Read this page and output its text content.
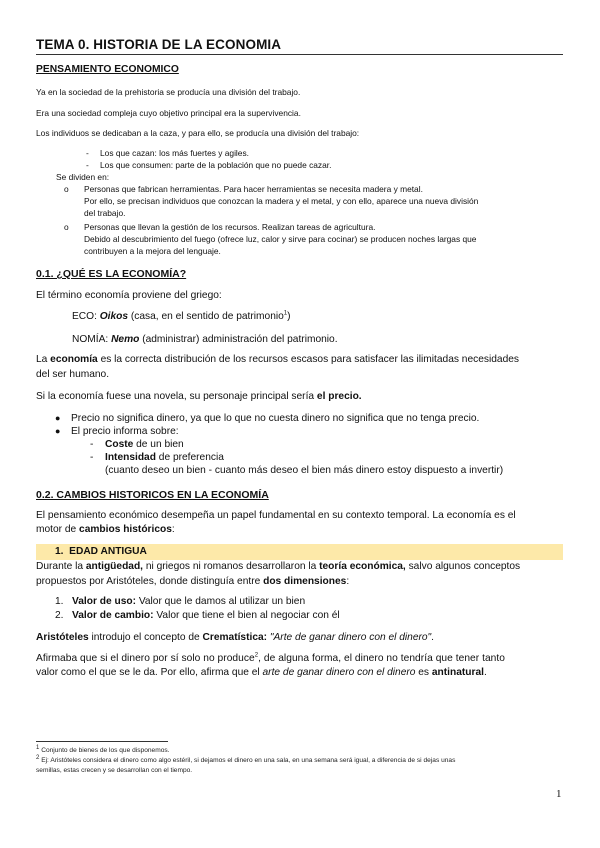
TEMA 0. HISTORIA DE LA ECONOMIA
PENSAMIENTO ECONOMICO
Ya en la sociedad de la prehistoria se producía una división del trabajo.
Era una sociedad compleja cuyo objetivo principal era la supervivencia.
Los individuos se dedicaban a la caza, y para ello, se producía una división del trabajo:
- Los que cazan: los más fuertes y agiles.
- Los que consumen: parte de la población que no puede cazar.
Se dividen en:
o Personas que fabrican herramientas. Para hacer herramientas se necesita madera y metal.
Por ello, se precisan individuos que conozcan la madera y el metal, y con ello, aparece una nueva división
del trabajo.
o Personas que llevan la gestión de los recursos. Realizan tareas de agricultura.
Debido al descubrimiento del fuego (ofrece luz, calor y sirve para cocinar) se producen noches largas que
contribuyen a la mejora del lenguaje.
0.1. ¿QUÉ ES LA ECONOMÍA?
El término economía proviene del griego:
ECO: Oikos (casa, en el sentido de patrimonio$^1$)
NOMÍA: Nemo (administrar) administración del patrimonio.
La economía es la correcta distribución de los recursos escasos para satisfacer las ilimitadas necesidades
del ser humano.
Si la economía fuese una novela, su personaje principal sería el precio.
● Precio no significa dinero, ya que lo que no cuesta dinero no significa que no tenga precio.
● El precio informa sobre:
- Coste de un bien
- Intensidad de preferencia
(cuanto deseo un bien - cuanto más deseo el bien más dinero estoy dispuesto a invertir)
0.2. CAMBIOS HISTORICOS EN LA ECONOMÍA
El pensamiento económico desempeña un papel fundamental en su contexto temporal. La economía es el
motor de cambios históricos:
1. EDAD ANTIGUA
Durante la antigüedad, ni griegos ni romanos desarrollaron la teoría económica, salvo algunos conceptos
propuestos por Aristóteles, donde distinguía entre dos dimensiones:
1. Valor de uso: Valor que le damos al utilizar un bien
2. Valor de cambio: Valor que tiene el bien al negociar con él
Aristóteles introdujo el concepto de Crematística: "Arte de ganar dinero con el dinero".
Afirmaba que si el dinero por sí solo no produce$^2$, de alguna forma, el dinero no tendría que tener tanto
valor como el que se le da. Por ello, afirma que el arte de ganar dinero con el dinero es antinatural.
1 Conjunto de bienes de los que disponemos.
2 Ej: Aristóteles considera el dinero como algo estéril, si dejamos el dinero en una sala, en una semana será igual, a diferencia de si dejas unas
semillas, estas crecen y se desarrollan con el tiempo.
1
